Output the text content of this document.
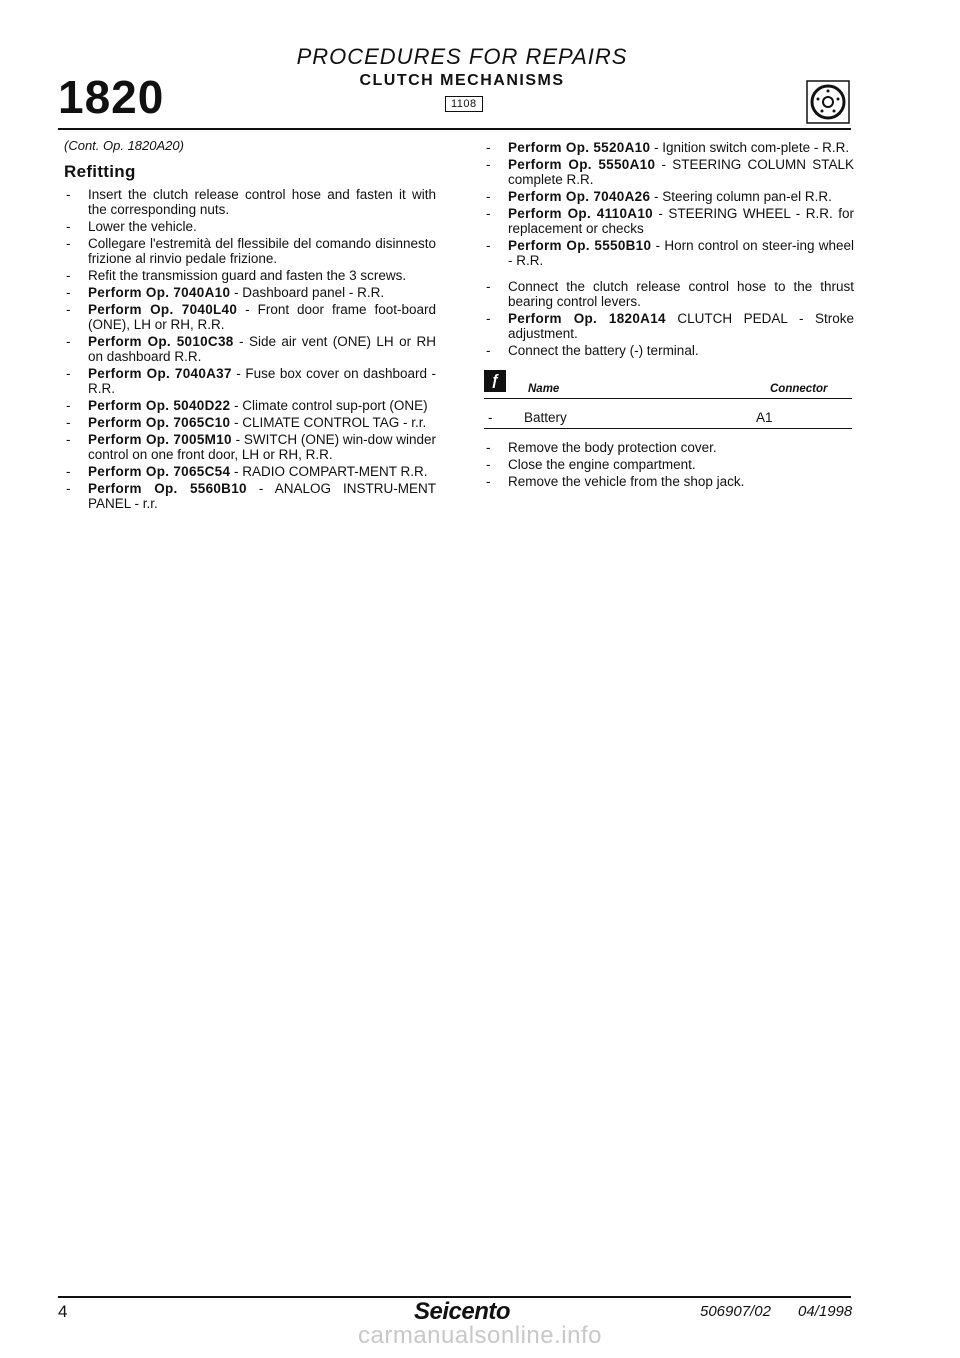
1820
PROCEDURES FOR REPAIRS
CLUTCH MECHANISMS
1108
(Cont. Op. 1820A20)
Refitting
- Insert the clutch release control hose and fasten it with the corresponding nuts.
- Lower the vehicle.
- Collegare l'estremità del flessibile del comando disinnesto frizione al rinvio pedale frizione.
- Refit the transmission guard and fasten the 3 screws.
- Perform Op. 7040A10 - Dashboard panel - R.R.
- Perform Op. 7040L40 - Front door frame foot-board (ONE), LH or RH, R.R.
- Perform Op. 5010C38 - Side air vent (ONE) LH or RH on dashboard R.R.
- Perform Op. 7040A37 - Fuse box cover on dashboard - R.R.
- Perform Op. 5040D22 - Climate control sup-port (ONE)
- Perform Op. 7065C10 - CLIMATE CONTROL TAG - r.r.
- Perform Op. 7005M10 - SWITCH (ONE) win-dow winder control on one front door, LH or RH, R.R.
- Perform Op. 7065C54 - RADIO COMPART-MENT R.R.
- Perform Op. 5560B10 - ANALOG INSTRU-MENT PANEL - r.r.
- Perform Op. 5520A10 - Ignition switch com-plete - R.R.
- Perform Op. 5550A10 - STEERING COLUMN STALK complete R.R.
- Perform Op. 7040A26 - Steering column pan-el R.R.
- Perform Op. 4110A10 - STEERING WHEEL - R.R. for replacement or checks
- Perform Op. 5550B10 - Horn control on steer-ing wheel - R.R.
- Connect the clutch release control hose to the thrust bearing control levers.
- Perform Op. 1820A14 CLUTCH PEDAL - Stroke adjustment.
- Connect the battery (-) terminal.
ƒ	Name	Connector
- Battery	A1
- Remove the body protection cover.
- Close the engine compartment.
- Remove the vehicle from the shop jack.
4	Seicento	506907/02 04/1998
carmanualsonline.info
